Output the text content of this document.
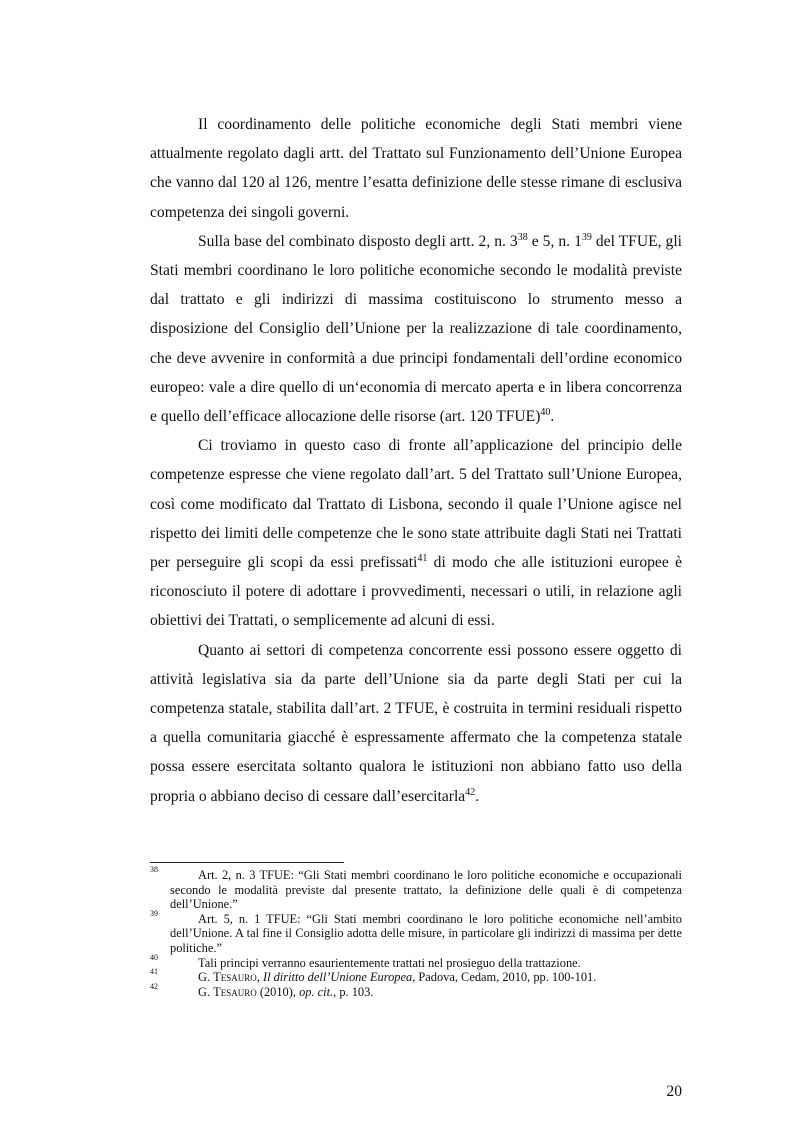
Il coordinamento delle politiche economiche degli Stati membri viene attualmente regolato dagli artt. del Trattato sul Funzionamento dell’Unione Europea che vanno dal 120 al 126, mentre l’esatta definizione delle stesse rimane di esclusiva competenza dei singoli governi.

Sulla base del combinato disposto degli artt. 2, n. $3^{38}$ e 5, n. $1^{39}$ del TFUE, gli Stati membri coordinano le loro politiche economiche secondo le modalità previste dal trattato e gli indirizzi di massima costituiscono lo strumento messo a disposizione del Consiglio dell’Unione per la realizzazione di tale coordinamento, che deve avvenire in conformità a due principi fondamentali dell’ordine economico europeo: vale a dire quello di un‘economia di mercato aperta e in libera concorrenza e quello dell’efficace allocazione delle risorse (art. 120 TFUE)$^{40}$.

Ci troviamo in questo caso di fronte all’applicazione del principio delle competenze espresse che viene regolato dall’art. 5 del Trattato sull’Unione Europea, così come modificato dal Trattato di Lisbona, secondo il quale l’Unione agisce nel rispetto dei limiti delle competenze che le sono state attribuite dagli Stati nei Trattati per perseguire gli scopi da essi prefissati$^{41}$ di modo che alle istituzioni europee è riconosciuto il potere di adottare i provvedimenti, necessari o utili, in relazione agli obiettivi dei Trattati, o semplicemente ad alcuni di essi.

Quanto ai settori di competenza concorrente essi possono essere oggetto di attività legislativa sia da parte dell’Unione sia da parte degli Stati per cui la competenza statale, stabilita dall’art. 2 TFUE, è costruita in termini residuali rispetto a quella comunitaria giacché è espressamente affermato che la competenza statale possa essere esercitata soltanto qualora le istituzioni non abbiano fatto uso della propria o abbiano deciso di cessare dall’esercitarla$^{42}$.

38	Art. 2, n. 3 TFUE: “Gli Stati membri coordinano le loro politiche economiche e occupazionali secondo le modalità previste dal presente trattato, la definizione delle quali è di competenza dell’Unione.”
39	Art. 5, n. 1 TFUE: “Gli Stati membri coordinano le loro politiche economiche nell’ambito dell’Unione. A tal fine il Consiglio adotta delle misure, in particolare gli indirizzi di massima per dette politiche.”
40	Tali principi verranno esaurientemente trattati nel prosieguo della trattazione.
41	G. Tesauro, Il diritto dell’Unione Europea, Padova, Cedam, 2010, pp. 100-101.
42	G. Tesauro (2010), op. cit., p. 103.
20
